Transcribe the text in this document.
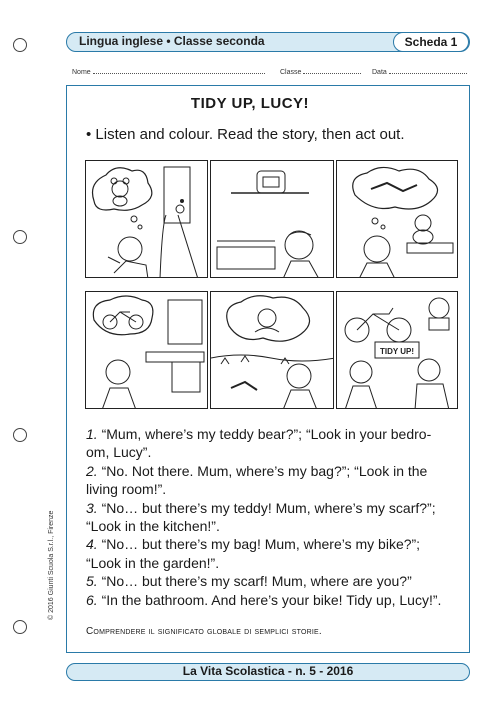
Lingua inglese • Classe seconda	Scheda 1
Nome	Classe	Data
TIDY UP, LUCY!
• Listen and colour. Read the story, then act out.
TIDY UP!

1. “Mum, where’s my teddy bear?”; “Look in your bedro-

om, Lucy”.

2. “No. Not there. Mum, where’s my bag?”; “Look in the

living room!”.

3. “No… but there’s my teddy! Mum, where’s my scarf?”;

“Look in the kitchen!”.

4. “No… but there’s my bag! Mum, where’s my bike?”;

“Look in the garden!”.

5. “No… but there’s my scarf! Mum, where are you?”

6. “In the bathroom. And here’s your bike! Tidy up, Lucy!”.

Comprendere il significato globale di semplici storie.
La Vita Scolastica - n. 5 - 2016
© 2016 Giunti Scuola S.r.l., Firenze
